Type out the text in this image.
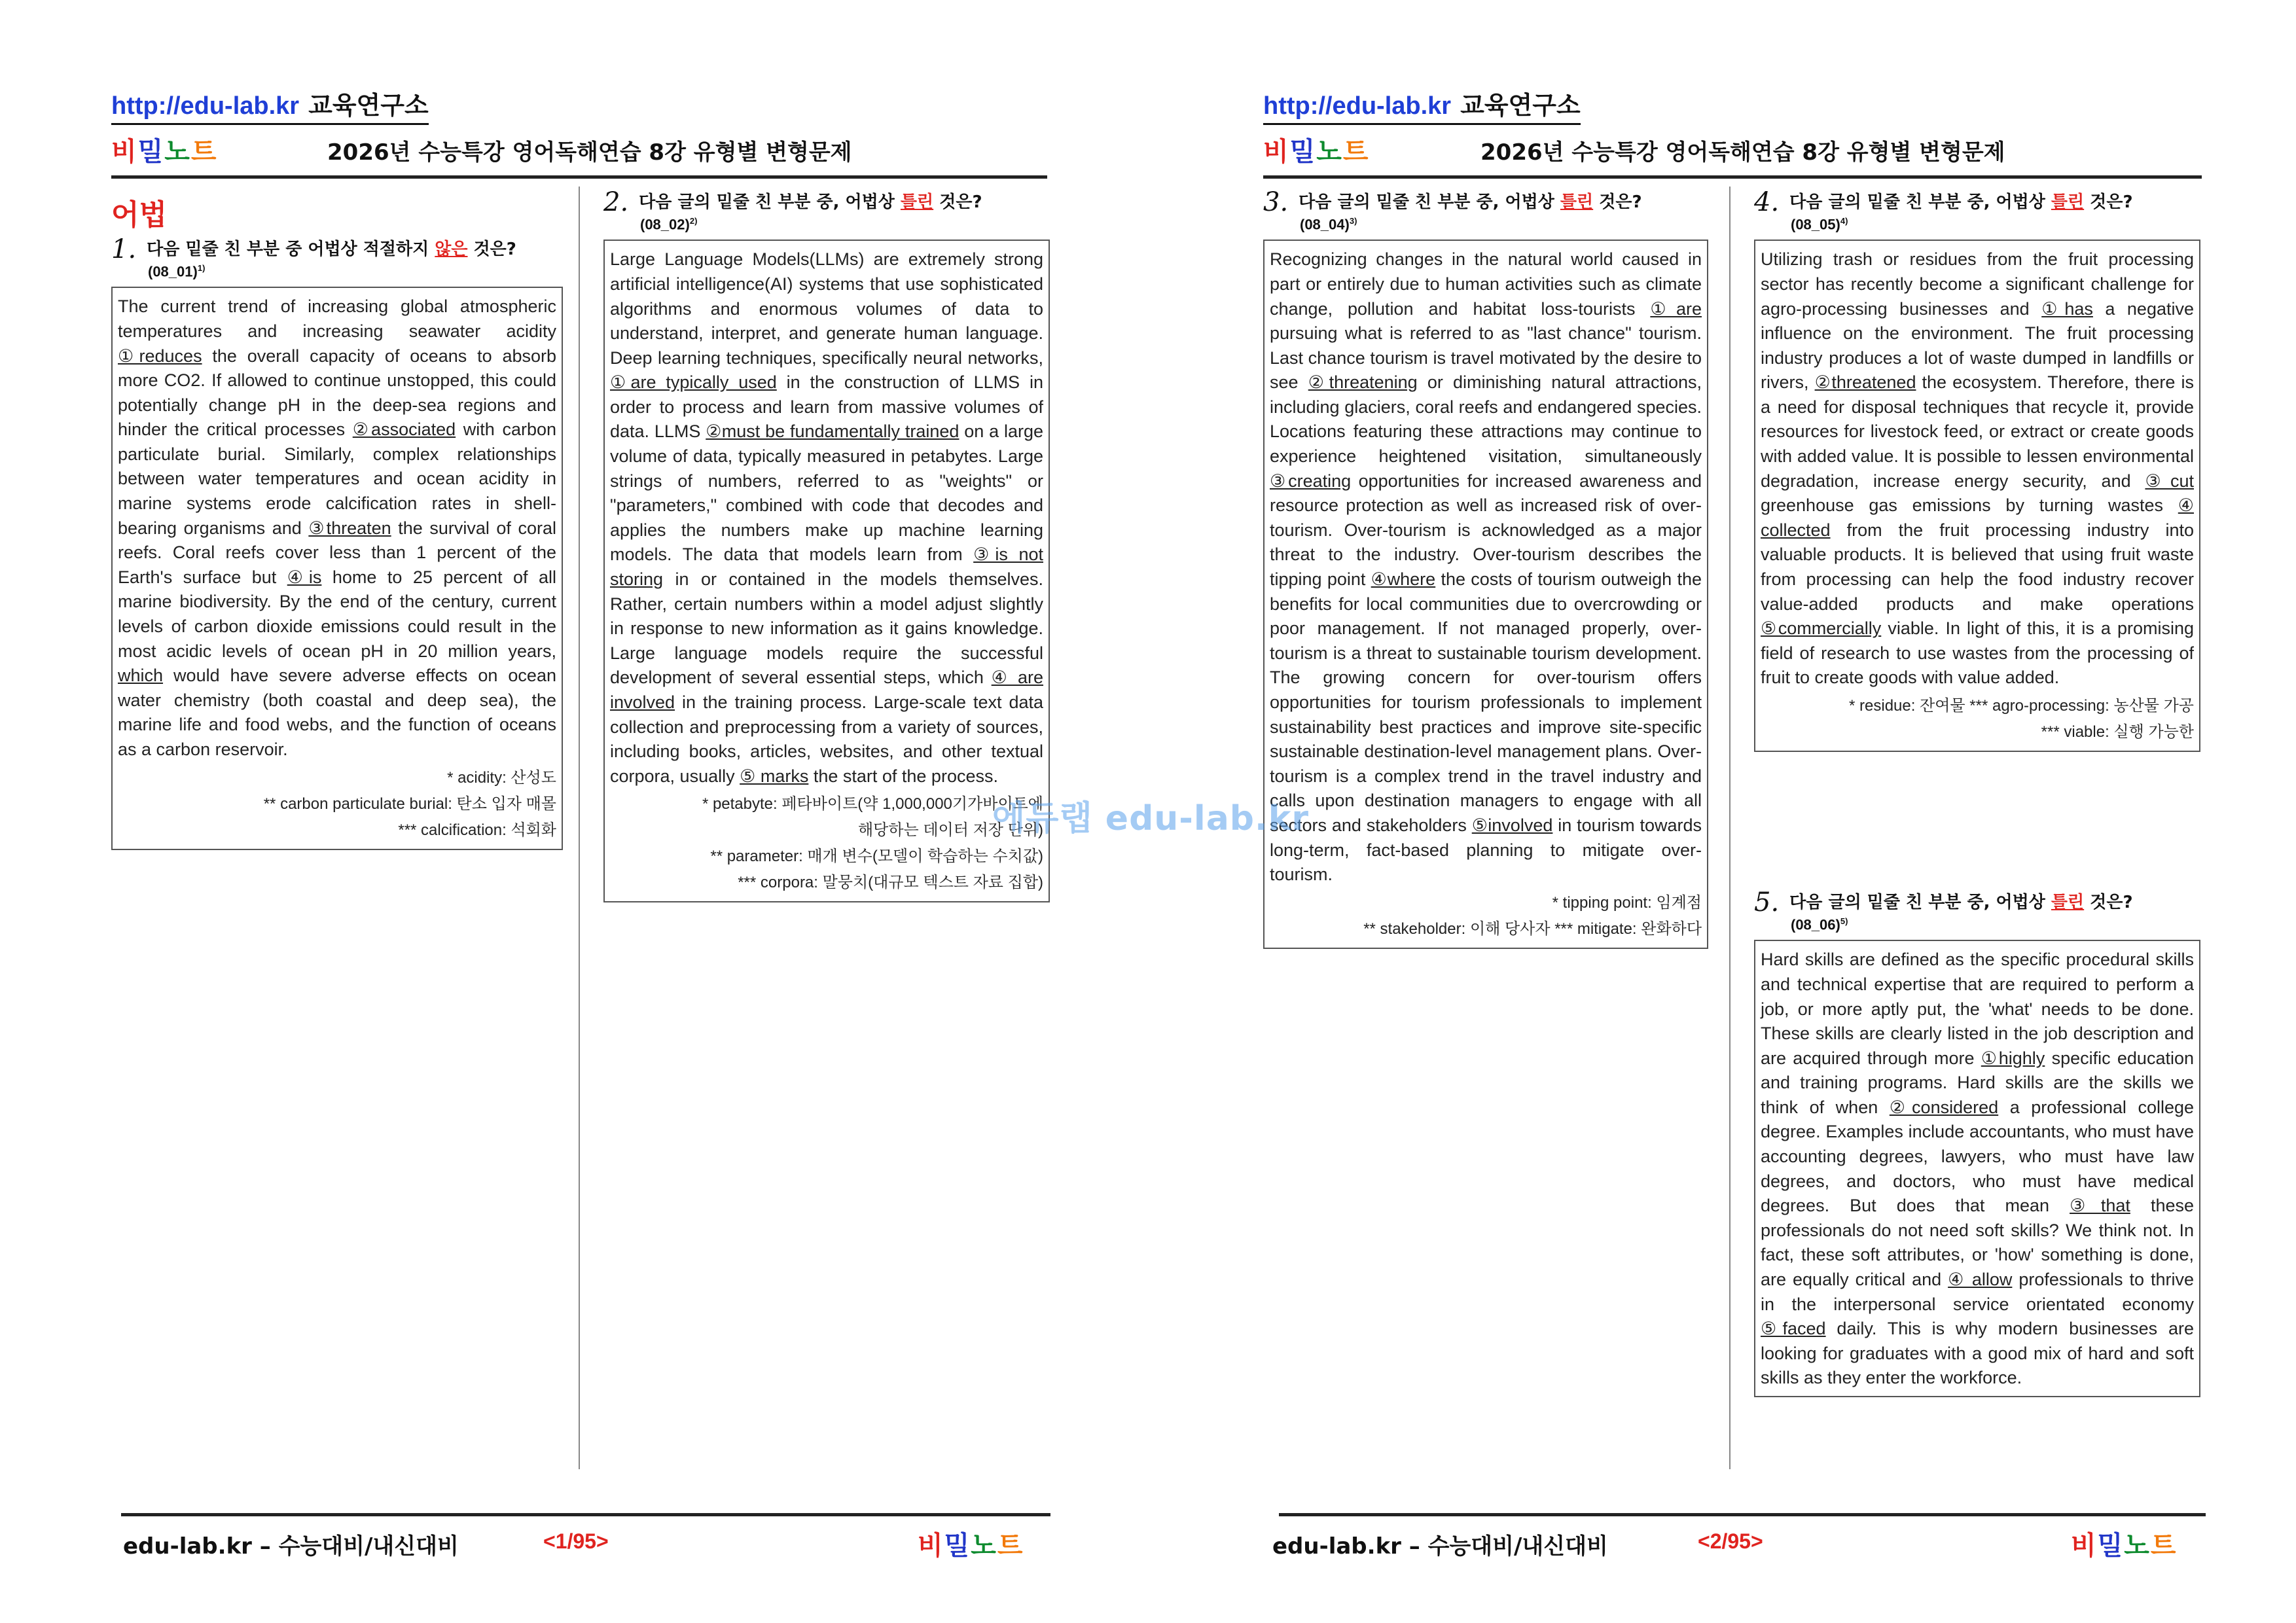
http://edu-lab.kr 교육연구소
비밀노트	2026년 수능특강 영어독해연습 8강 유형별 변형문제
어법
1. 다음 밑줄 친 부분 중 어법상 적절하지 않은 것은?
(08_01)$^{1)}$
The current trend of increasing global atmospheric temperatures and increasing seawater acidity ①reduces the overall capacity of oceans to absorb more CO2. If allowed to continue unstopped, this could potentially change pH in the deep-sea regions and hinder the critical processes ②associated with carbon particulate burial. Similarly, complex relationships between water temperatures and ocean acidity in marine systems erode calcification rates in shell-bearing organisms and ③threaten the survival of coral reefs. Coral reefs cover less than 1 percent of the Earth's surface but ④is home to 25 percent of all marine biodiversity. By the end of the century, current levels of carbon dioxide emissions could result in the most acidic levels of ocean pH in 20 million years, which would have severe adverse effects on ocean water chemistry (both coastal and deep sea), the marine life and food webs, and the function of oceans as a carbon reservoir.
* acidity: 산성도
** carbon particulate burial: 탄소 입자 매몰
*** calcification: 석회화
2. 다음 글의 밑줄 친 부분 중, 어법상 틀린 것은?
(08_02)$^{2)}$
Large Language Models(LLMs) are extremely strong artificial intelligence(AI) systems that use sophisticated algorithms and enormous volumes of data to understand, interpret, and generate human language. Deep learning techniques, specifically neural networks, ①are typically used in the construction of LLMS in order to process and learn from massive volumes of data. LLMS ②must be fundamentally trained on a large volume of data, typically measured in petabytes. Large strings of numbers, referred to as "weights" or "parameters," combined with code that decodes and applies the numbers make up machine learning models. The data that models learn from ③is not storing in or contained in the models themselves. Rather, certain numbers within a model adjust slightly in response to new information as it gains knowledge. Large language models require the successful development of several essential steps, which ④ are involved in the training process. Large-scale text data collection and preprocessing from a variety of sources, including books, articles, websites, and other textual corpora, usually ⑤ marks the start of the process.
* petabyte: 페타바이트(약 1,000,000기가바이트에
해당하는 데이터 저장 단위)
** parameter: 매개 변수(모델이 학습하는 수치값)
*** corpora: 말뭉치(대규모 텍스트 자료 집합)
edu-lab.kr – 수능대비/내신대비	<1/95>	비밀노트
http://edu-lab.kr 교육연구소
비밀노트	2026년 수능특강 영어독해연습 8강 유형별 변형문제
3. 다음 글의 밑줄 친 부분 중, 어법상 틀린 것은?
(08_04)$^{3)}$
Recognizing changes in the natural world caused in part or entirely due to human activities such as climate change, pollution and habitat loss-tourists ①are pursuing what is referred to as "last chance" tourism. Last chance tourism is travel motivated by the desire to see ②threatening or diminishing natural attractions, including glaciers, coral reefs and endangered species. Locations featuring these attractions may continue to experience heightened visitation, simultaneously ③creating opportunities for increased awareness and resource protection as well as increased risk of over-tourism. Over-tourism is acknowledged as a major threat to the industry. Over-tourism describes the tipping point ④where the costs of tourism outweigh the benefits for local communities due to overcrowding or poor management. If not managed properly, over-tourism is a threat to sustainable tourism development. The growing concern for over-tourism offers opportunities for tourism professionals to implement sustainability best practices and improve site-specific sustainable destination-level management plans. Over-tourism is a complex trend in the travel industry and calls upon destination managers to engage with all sectors and stakeholders ⑤involved in tourism towards long-term, fact-based planning to mitigate over-tourism.
* tipping point: 임계점
** stakeholder: 이해 당사자 *** mitigate: 완화하다
4. 다음 글의 밑줄 친 부분 중, 어법상 틀린 것은?
(08_05)$^{4)}$
Utilizing trash or residues from the fruit processing sector has recently become a significant challenge for agro-processing businesses and ①has a negative influence on the environment. The fruit processing industry produces a lot of waste dumped in landfills or rivers, ②threatened the ecosystem. Therefore, there is a need for disposal techniques that recycle it, provide resources for livestock feed, or extract or create goods with added value. It is possible to lessen environmental degradation, increase energy security, and ③cut greenhouse gas emissions by turning wastes ④ collected from the fruit processing industry into valuable products. It is believed that using fruit waste from processing can help the food industry recover value-added products and make operations ⑤commercially viable. In light of this, it is a promising field of research to use wastes from the processing of fruit to create goods with value added.
* residue: 잔여물 *** agro-processing: 농산물 가공
*** viable: 실행 가능한
5. 다음 글의 밑줄 친 부분 중, 어법상 틀린 것은?
(08_06)$^{5)}$
Hard skills are defined as the specific procedural skills and technical expertise that are required to perform a job, or more aptly put, the 'what' needs to be done. These skills are clearly listed in the job description and are acquired through more ①highly specific education and training programs. Hard skills are the skills we think of when ②considered a professional college degree. Examples include accountants, who must have accounting degrees, lawyers, who must have law degrees, and doctors, who must have medical degrees. But does that mean ③that these professionals do not need soft skills? We think not. In fact, these soft attributes, or 'how' something is done, are equally critical and ④ allow professionals to thrive in the interpersonal service orientated economy ⑤faced daily. This is why modern businesses are looking for graduates with a good mix of hard and soft skills as they enter the workforce.
edu-lab.kr – 수능대비/내신대비	<2/95>	비밀노트
에듀랩 edu-lab.kr
